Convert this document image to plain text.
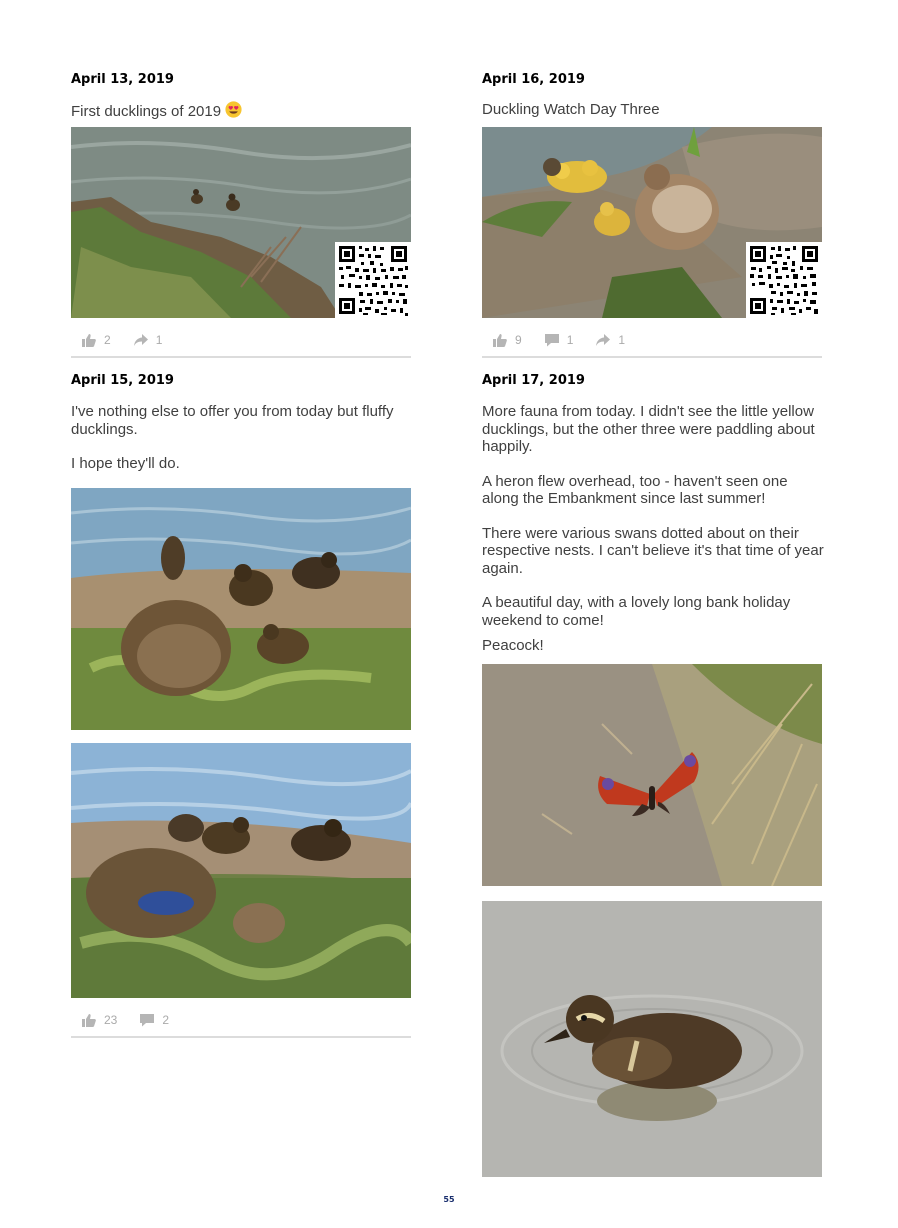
April 13, 2019

First ducklings of 2019

2	1

April 16, 2019

Duckling Watch Day Three

9	1	1

April 15, 2019

I've nothing else to offer you from today but fluffy ducklings.

I hope they'll do.

23	2

April 17, 2019

More fauna from today. I didn't see the little yellow ducklings, but the other three were paddling about happily.

A heron flew overhead, too - haven't seen one along the Embankment since last summer!

There were various swans dotted about on their respective nests. I can't believe it's that time of year again.

A beautiful day, with a lovely long bank holiday weekend to come!

Peacock!

55
